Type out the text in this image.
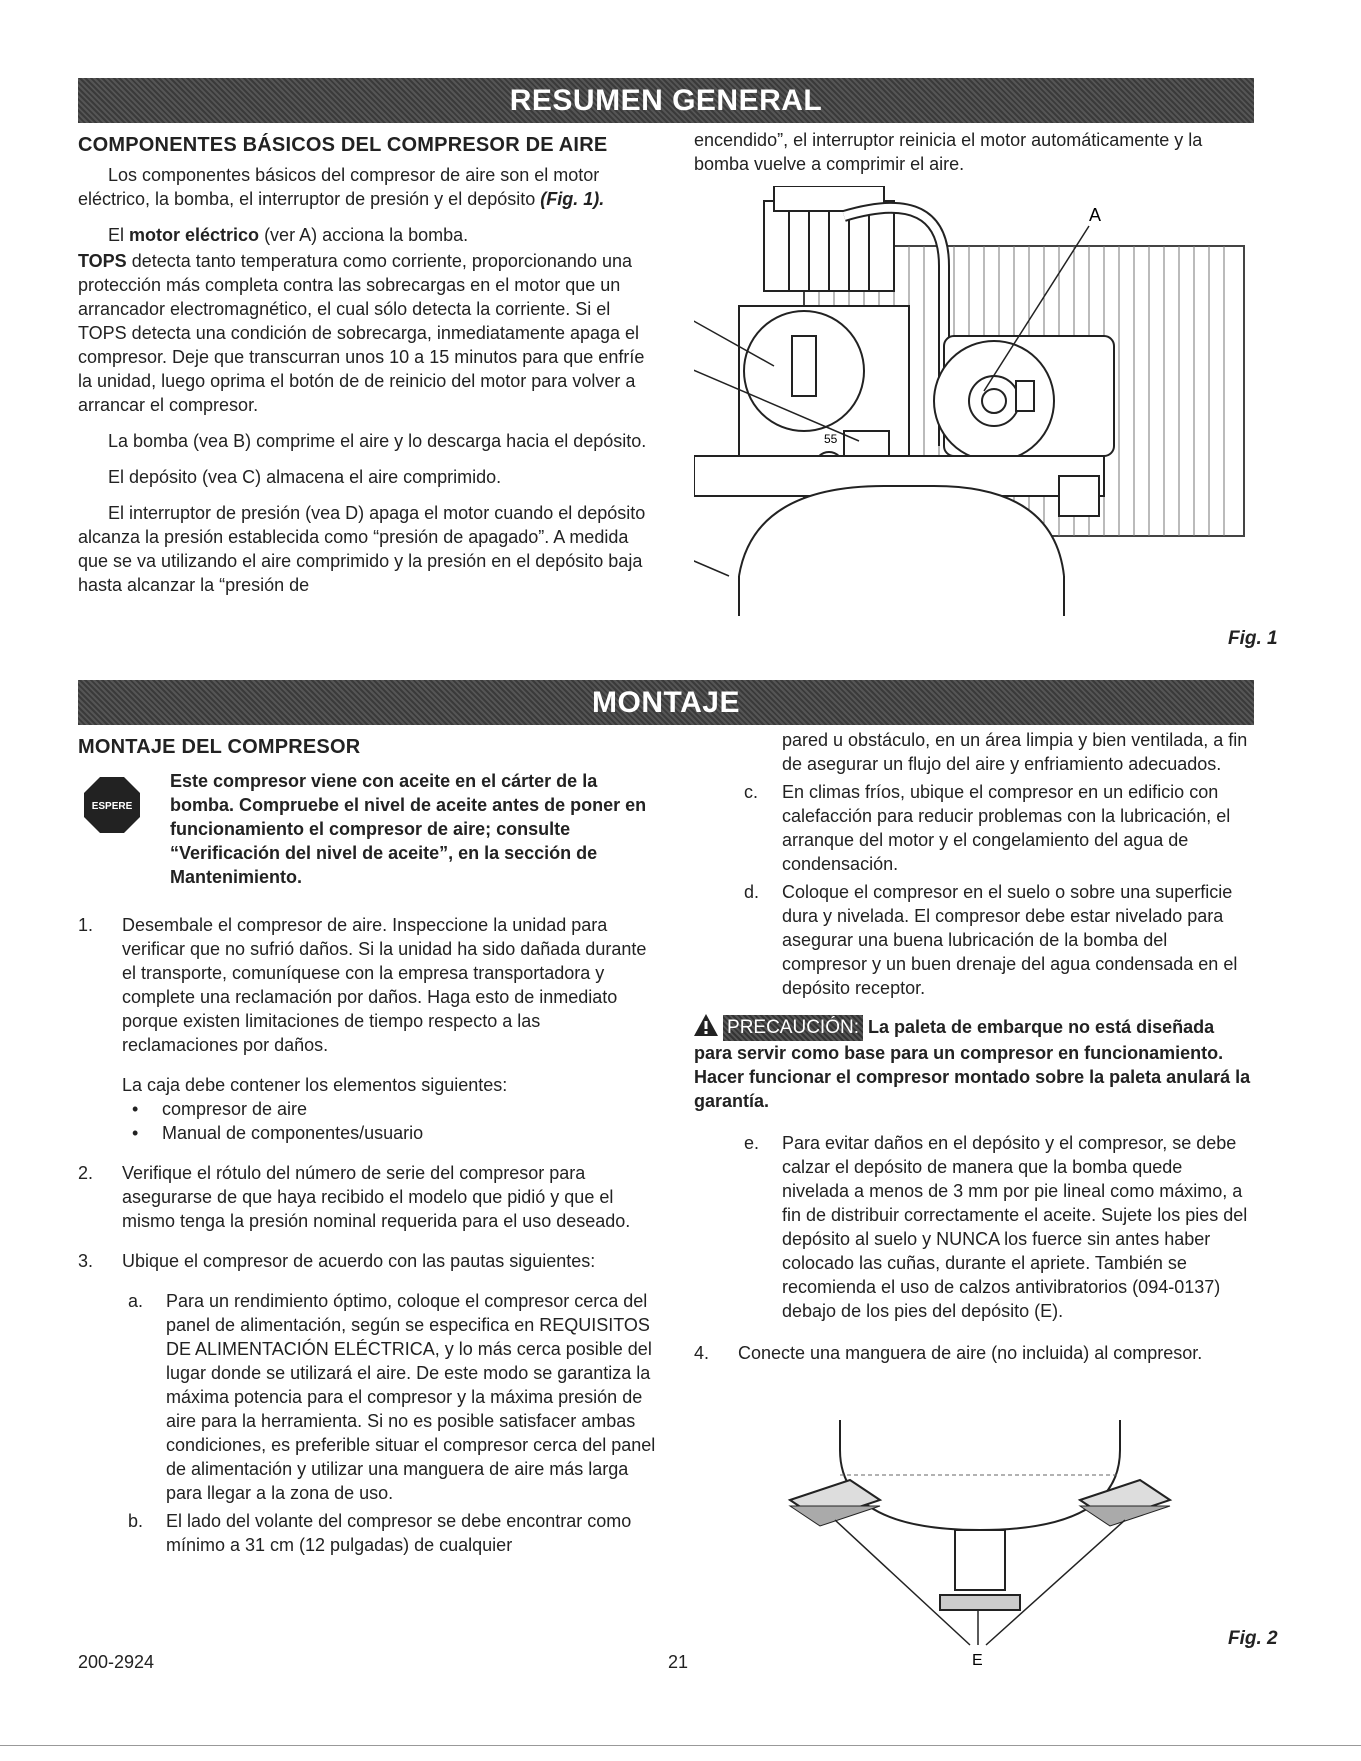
RESUMEN GENERAL
COMPONENTES BÁSICOS DEL COMPRESOR DE AIRE

Los componentes básicos del compresor de aire son el motor eléctrico, la bomba, el interruptor de presión y el depósito (Fig. 1).

El motor eléctrico (ver A) acciona la bomba.

TOPS detecta tanto temperatura como corriente, proporcionando una protección más completa contra las sobrecargas en el motor que un arrancador electromagnético, el cual sólo detecta la corriente. Si el TOPS detecta una condición de sobrecarga, inmediatamente apaga el compresor. Deje que transcurran unos 10 a 15 minutos para que enfríe la unidad, luego oprima el botón de de reinicio del motor para volver a arrancar el compresor.

La bomba (vea B) comprime el aire y lo descarga hacia el depósito.

El depósito (vea C) almacena el aire comprimido.

El interruptor de presión (vea D) apaga el motor cuando el depósito alcanza la presión establecida como “presión de apagado”. A medida que se va utilizando el aire comprimido y la presión en el depósito baja hasta alcanzar la “presión de

encendido”, el interruptor reinicia el motor automáticamente y la bomba vuelve a comprimir el aire.

55
A
Fig. 1
MONTAJE
MONTAJE DEL COMPRESOR
ESPERE
Este compresor viene con aceite en el cárter de la bomba. Compruebe el nivel de aceite antes de poner en funcionamiento el compresor de aire; consulte “Verificación del nivel de aceite”, en la sección de Mantenimiento.
1. Desembale el compresor de aire. Inspeccione la unidad para verificar que no sufrió daños. Si la unidad ha sido dañada durante el transporte, comuníquese con la empresa transportadora y complete una reclamación por daños. Haga esto de inmediato porque existen limitaciones de tiempo respecto a las reclamaciones por daños.

La caja debe contener los elementos siguientes:

• compresor de aire
• Manual de componentes/usuario
2. Verifique el rótulo del número de serie del compresor para asegurarse de que haya recibido el modelo que pidió y que el mismo tenga la presión nominal requerida para el uso deseado.
3. Ubique el compresor de acuerdo con las pautas siguientes:
a. Para un rendimiento óptimo, coloque el compresor cerca del panel de alimentación, según se especifica en REQUISITOS DE ALIMENTACIÓN ELÉCTRICA, y lo más cerca posible del lugar donde se utilizará el aire. De este modo se garantiza la máxima potencia para el compresor y la máxima presión de aire para la herramienta. Si no es posible satisfacer ambas condiciones, es preferible situar el compresor cerca del panel de alimentación y utilizar una manguera de aire más larga para llegar a la zona de uso.
b. El lado del volante del compresor se debe encontrar como mínimo a 31 cm (12 pulgadas) de cualquier
pared u obstáculo, en un área limpia y bien ventilada, a fin de asegurar un flujo del aire y enfriamiento adecuados.
c. En climas fríos, ubique el compresor en un edificio con calefacción para reducir problemas con la lubricación, el arranque del motor y el congelamiento del agua de condensación.
d. Coloque el compresor en el suelo o sobre una superficie dura y nivelada. El compresor debe estar nivelado para asegurar una buena lubricación de la bomba del compresor y un buen drenaje del agua condensada en el depósito receptor.
PRECAUCIÓN: La paleta de embarque no está diseñada para servir como base para un compresor en funcionamiento. Hacer funcionar el compresor montado sobre la paleta anulará la garantía.
e. Para evitar daños en el depósito y el compresor, se debe calzar el depósito de manera que la bomba quede nivelada a menos de 3 mm por pie lineal como máximo, a fin de distribuir correctamente el aceite. Sujete los pies del depósito al suelo y NUNCA los fuerce sin antes haber colocado las cuñas, durante el apriete. También se recomienda el uso de calzos antivibratorios (094-0137) debajo de los pies del depósito (E).
4. Conecte una manguera de aire (no incluida) al compresor.
E
Fig. 2
200-2924	21
